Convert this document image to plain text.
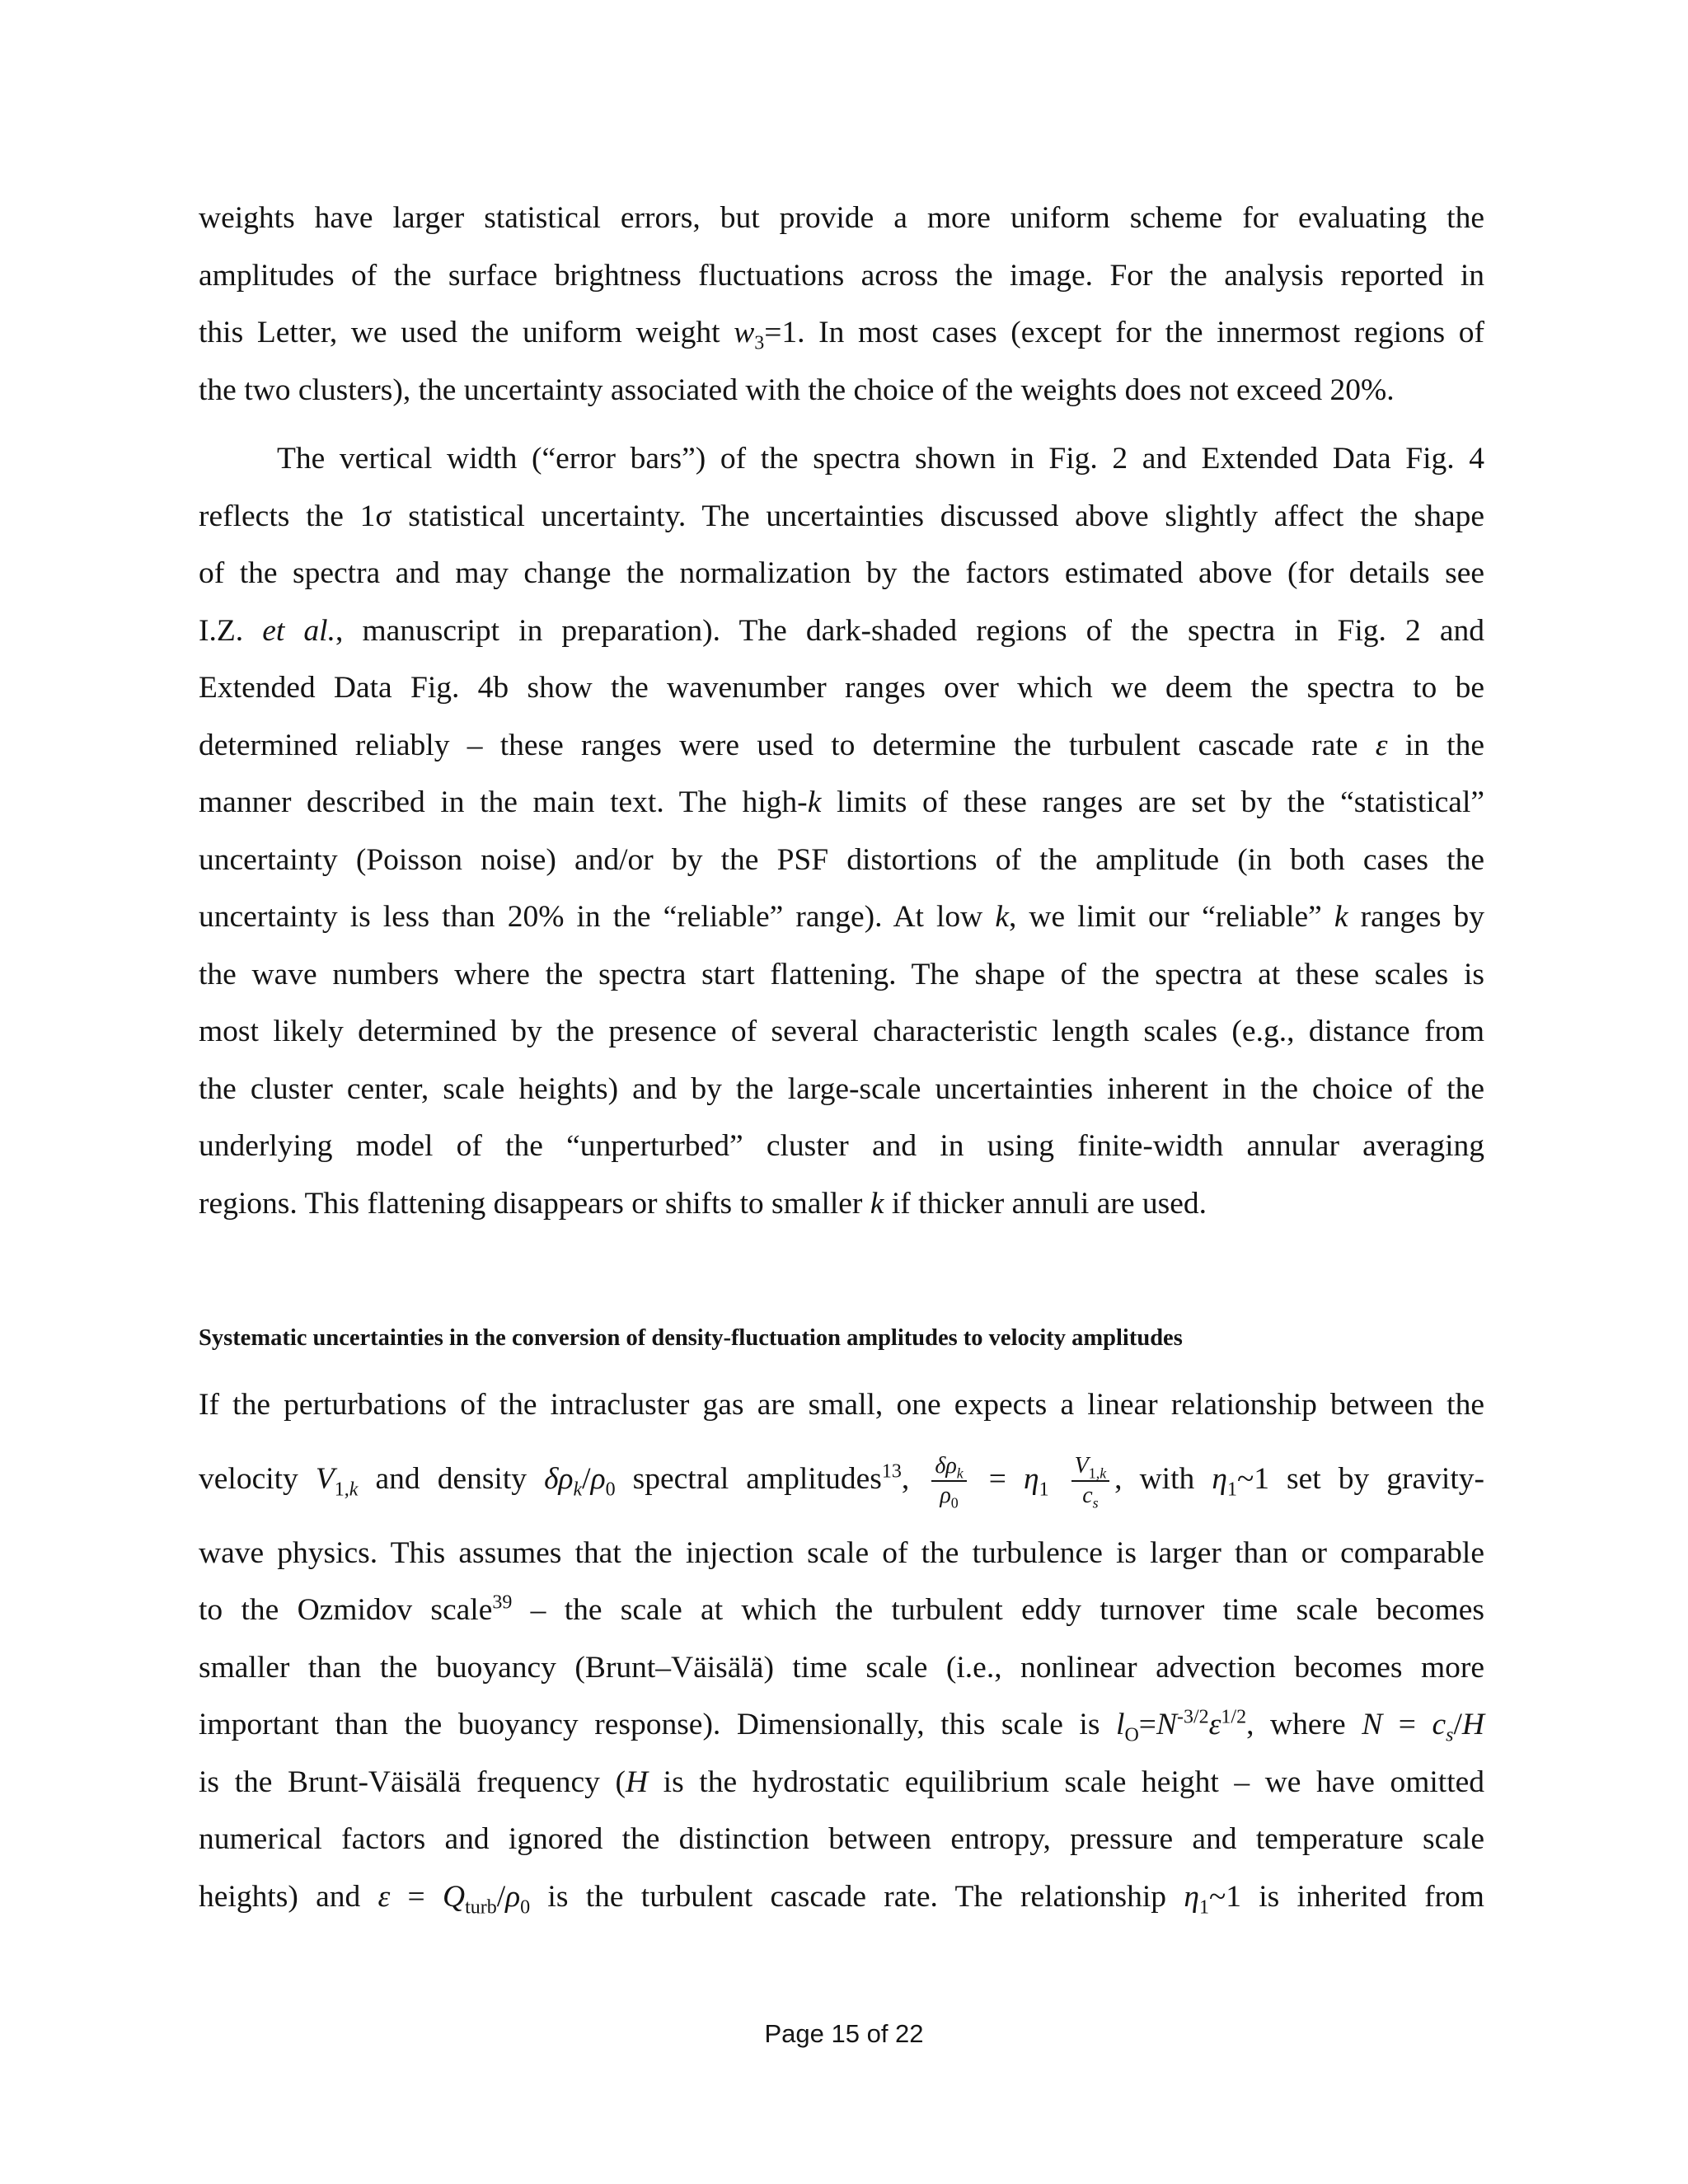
weights have larger statistical errors, but provide a more uniform scheme for evaluating the
amplitudes of the surface brightness fluctuations across the image. For the analysis reported in
this Letter, we used the uniform weight $w_3=1$. In most cases (except for the innermost regions of
the two clusters), the uncertainty associated with the choice of the weights does not exceed 20%.
The vertical width (“error bars”) of the spectra shown in Fig. 2 and Extended Data Fig. 4
reflects the 1σ statistical uncertainty. The uncertainties discussed above slightly affect the shape
of the spectra and may change the normalization by the factors estimated above (for details see
I.Z. et al., manuscript in preparation). The dark-shaded regions of the spectra in Fig. 2 and
Extended Data Fig. 4b show the wavenumber ranges over which we deem the spectra to be
determined reliably – these ranges were used to determine the turbulent cascade rate ε in the
manner described in the main text. The high-k limits of these ranges are set by the “statistical”
uncertainty (Poisson noise) and/or by the PSF distortions of the amplitude (in both cases the
uncertainty is less than 20% in the “reliable” range). At low k, we limit our “reliable” k ranges by
the wave numbers where the spectra start flattening. The shape of the spectra at these scales is
most likely determined by the presence of several characteristic length scales (e.g., distance from
the cluster center, scale heights) and by the large-scale uncertainties inherent in the choice of the
underlying model of the “unperturbed” cluster and in using finite-width annular averaging
regions. This flattening disappears or shifts to smaller k if thicker annuli are used.
Systematic uncertainties in the conversion of density-fluctuation amplitudes to velocity amplitudes
If the perturbations of the intracluster gas are small, one expects a linear relationship between the
velocity $V_{1,k}$ and density $\delta\rho_k/\rho_0$ spectral amplitudes$^{13}$, $\frac{\delta\rho_k}{\rho_0} = \eta_1 \frac{V_{1,k}}{c_s}$ , with $\eta_1\sim 1$ set by gravity-
wave physics. This assumes that the injection scale of the turbulence is larger than or comparable
to the Ozmidov scale$^{39}$ – the scale at which the turbulent eddy turnover time scale becomes
smaller than the buoyancy (Brunt–Väisälä) time scale (i.e., nonlinear advection becomes more
important than the buoyancy response). Dimensionally, this scale is $l_O=N^{-3/2}\varepsilon^{1/2}$, where $N = c_s/H$
is the Brunt-Väisälä frequency (H is the hydrostatic equilibrium scale height – we have omitted
numerical factors and ignored the distinction between entropy, pressure and temperature scale
heights) and $\varepsilon = Q_{turb}/\rho_0$ is the turbulent cascade rate. The relationship $\eta_1\sim 1$ is inherited from
Page 15 of 22
